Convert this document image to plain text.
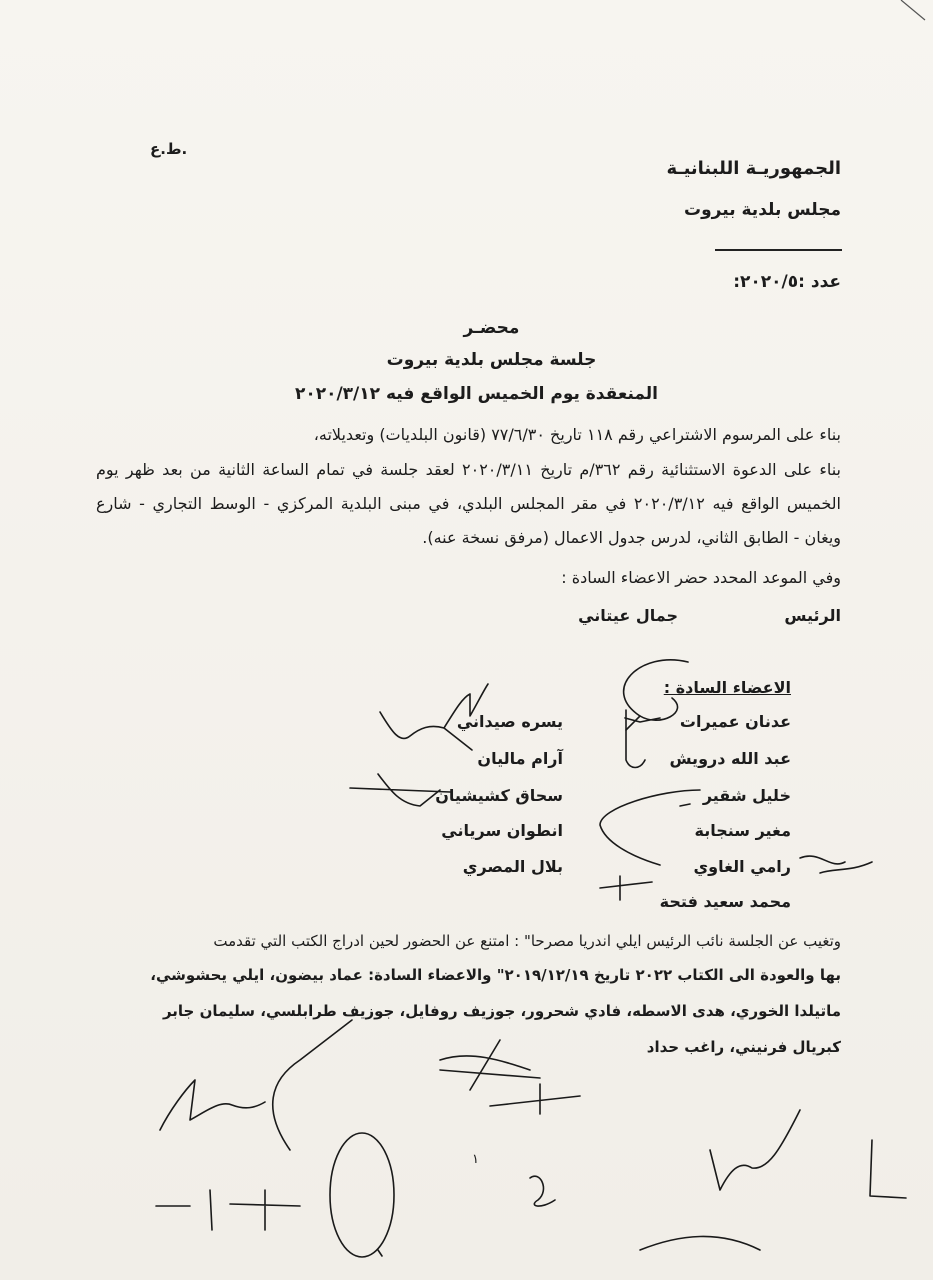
ط.ع.
الجمهوريـة اللبنانيـة
مجلس بلدية بيروت
عدد :٢٠٢٠/٥:
محضـر
جلسة مجلس بلدية بيروت
المنعقدة يوم الخميس الواقع فيه ٢٠٢٠/٣/١٢
بناء على المرسوم الاشتراعي رقم ١١٨ تاريخ ٧٧/٦/٣٠ (قانون البلديات) وتعديلاته،
بناء على الدعوة الاستثنائية رقم ٣٦٢/م تاريخ ٢٠٢٠/٣/١١ لعقد جلسة في تمام الساعة الثانية من بعد ظهر يوم الخميس الواقع فيه ٢٠٢٠/٣/١٢ في مقر المجلس البلدي، في مبنى البلدية المركزي - الوسط التجاري - شارع ويغان - الطابق الثاني، لدرس جدول الاعمال (مرفق نسخة عنه).
وفي الموعد المحدد حضر الاعضاء السادة :
الرئيس
جمال عيتاني
الاعضاء السادة :
عدنان عميرات
عبد الله درويش
خليل شقير
مغير سنجابة
رامي الغاوي
محمد سعيد فتحة
يسره صيداني
آرام ماليان
سحاق كشيشيان
انطوان سرياني
بلال المصري
وتغيب عن الجلسة نائب الرئيس ايلي اندريا مصرحا" : امتنع عن الحضور لحين ادراج الكتب التي تقدمت
بها والعودة الى الكتاب ٢٠٢٢ تاريخ ٢٠١٩/١٢/١٩" والاعضاء السادة: عماد بيضون، ايلي يحشوشي،
ماتيلدا الخوري، هدى الاسطه، فادي شحرور، جوزيف روفايل، جوزيف طرابلسي، سليمان جابر
كبريال فرنيني، راغب حداد
١
